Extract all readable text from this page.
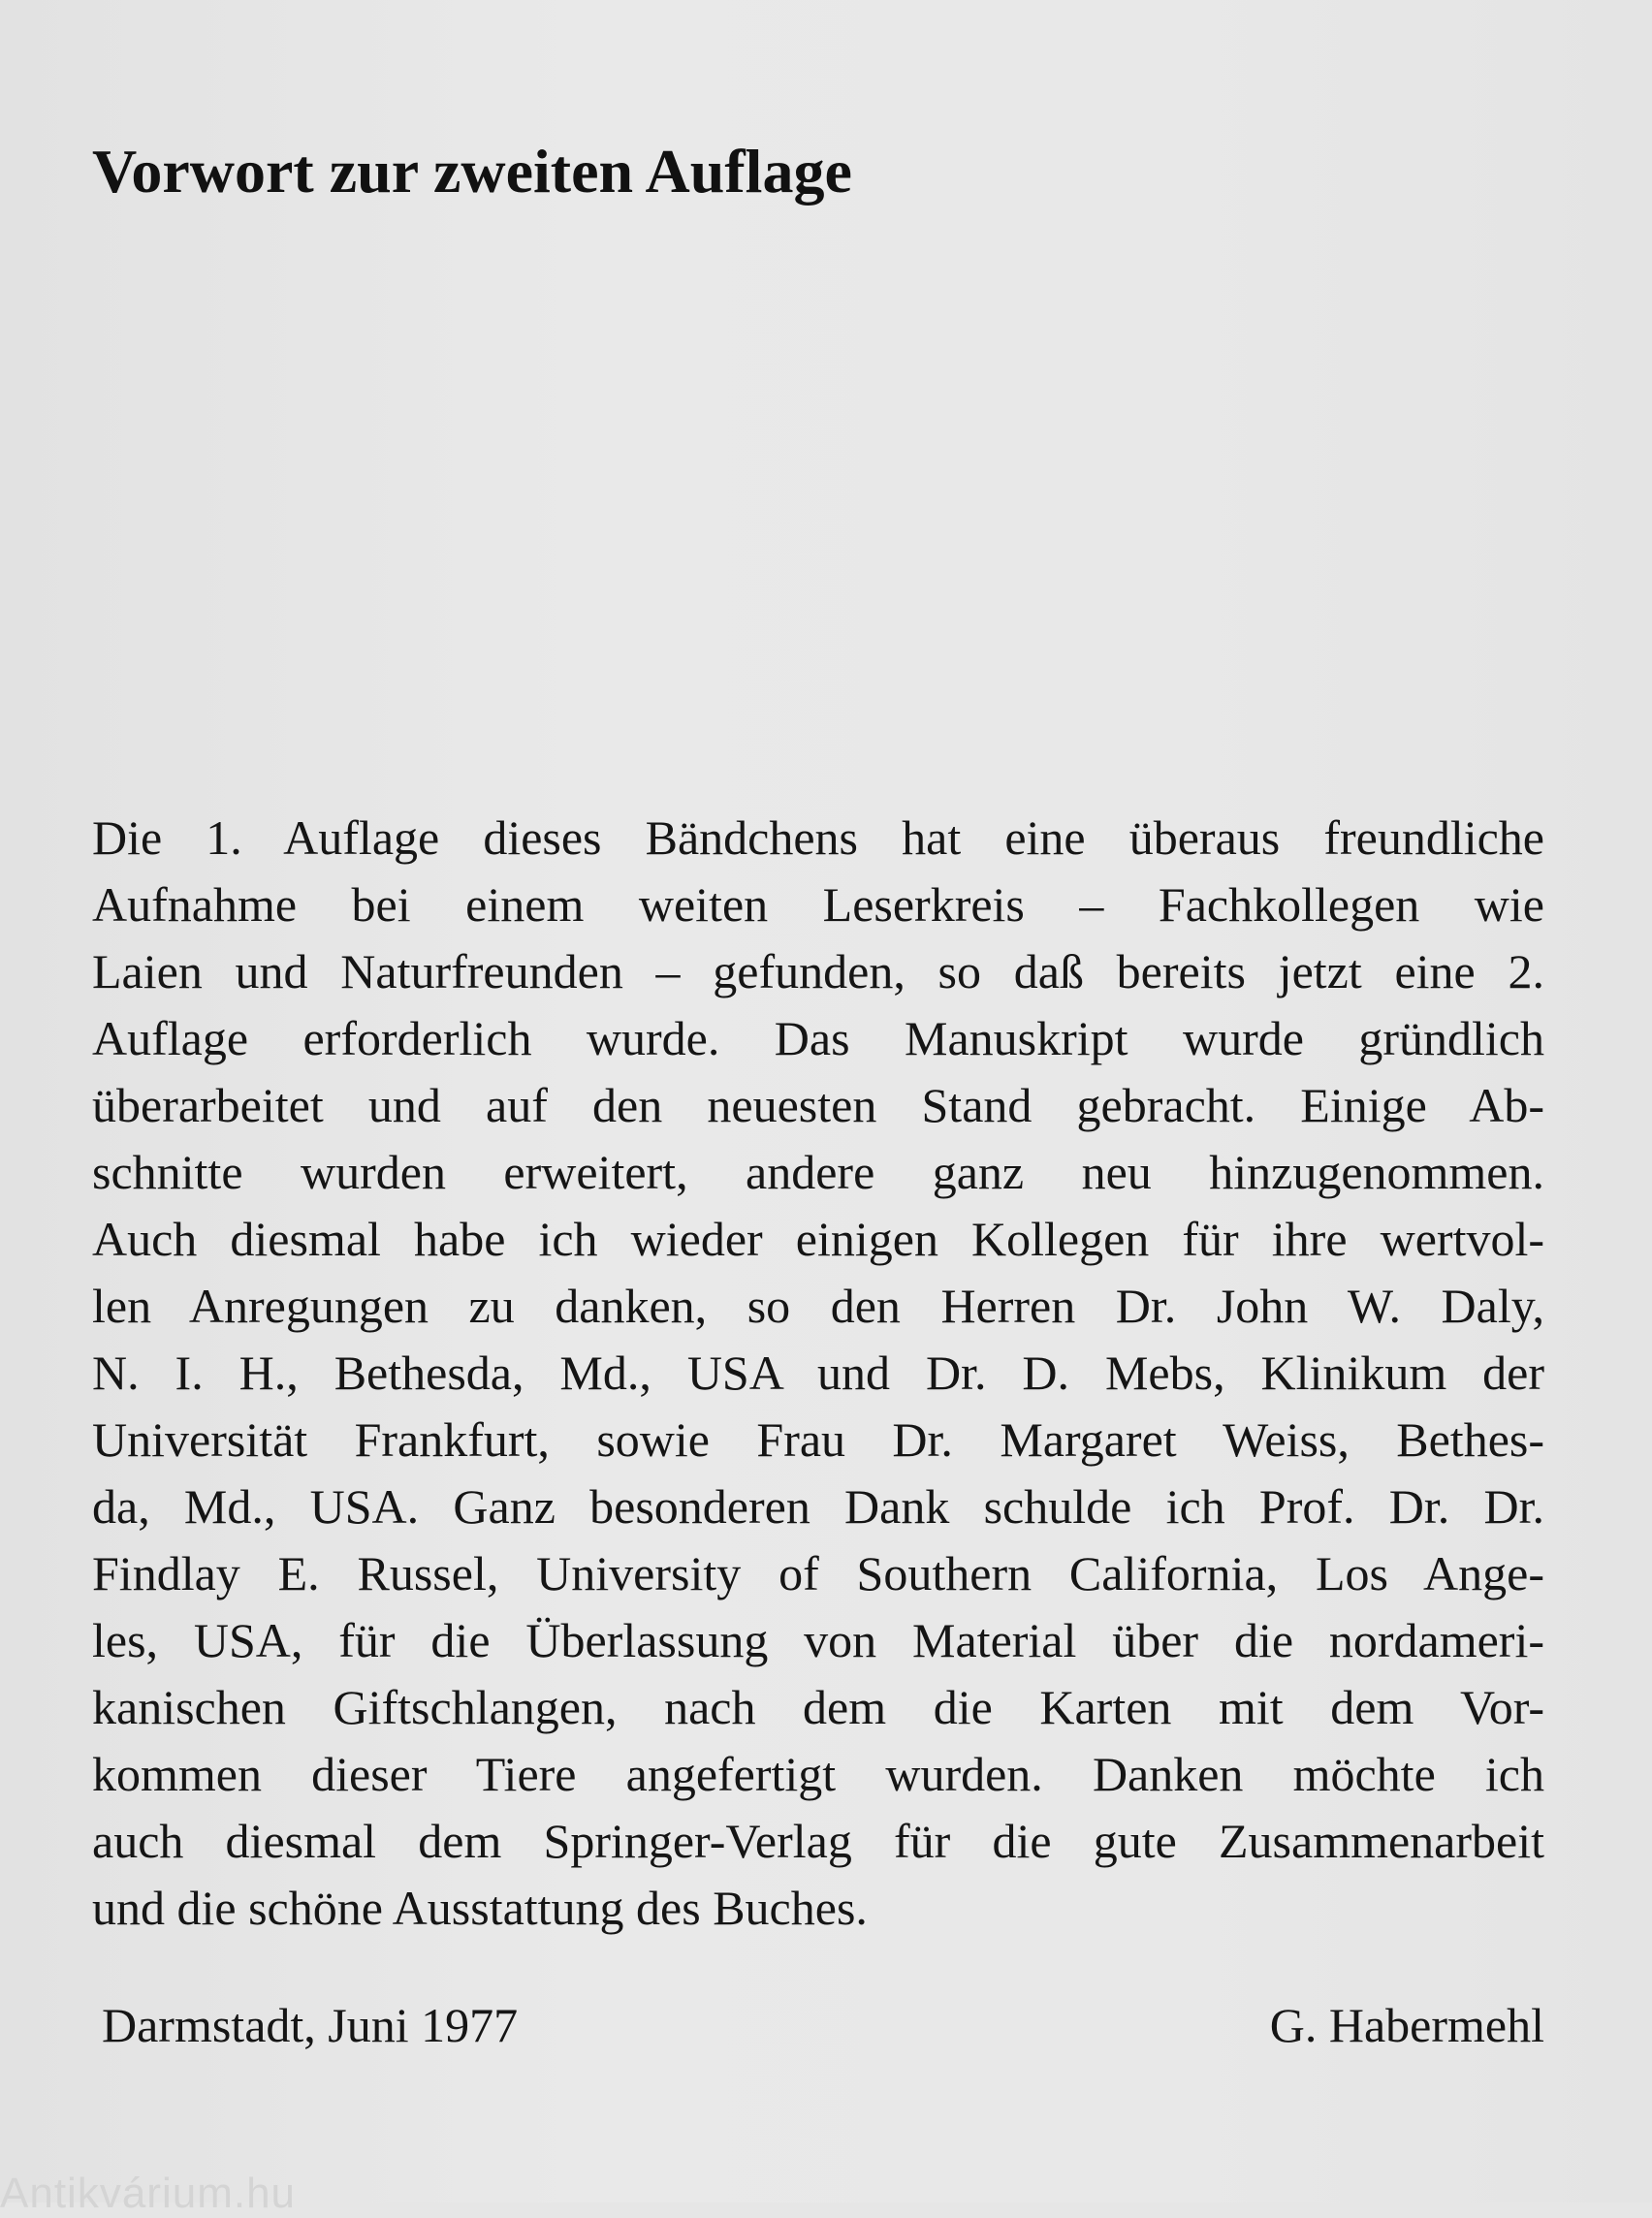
Vorwort zur zweiten Auflage
Die 1. Auflage dieses Bändchens hat eine überaus freundliche
Aufnahme bei einem weiten Leserkreis – Fachkollegen wie
Laien und Naturfreunden – gefunden, so daß bereits jetzt eine 2.
Auflage erforderlich wurde. Das Manuskript wurde gründlich
überarbeitet und auf den neuesten Stand gebracht. Einige Ab-
schnitte wurden erweitert, andere ganz neu hinzugenommen.
Auch diesmal habe ich wieder einigen Kollegen für ihre wertvol-
len Anregungen zu danken, so den Herren Dr. John W. Daly,
N. I. H., Bethesda, Md., USA und Dr. D. Mebs, Klinikum der
Universität Frankfurt, sowie Frau Dr. Margaret Weiss, Bethes-
da, Md., USA. Ganz besonderen Dank schulde ich Prof. Dr. Dr.
Findlay E. Russel, University of Southern California, Los Ange-
les, USA, für die Überlassung von Material über die nordameri-
kanischen Giftschlangen, nach dem die Karten mit dem Vor-
kommen dieser Tiere angefertigt wurden. Danken möchte ich
auch diesmal dem Springer-Verlag für die gute Zusammenarbeit
und die schöne Ausstattung des Buches.
Darmstadt, Juni 1977	G. Habermehl
Antikvárium.hu
